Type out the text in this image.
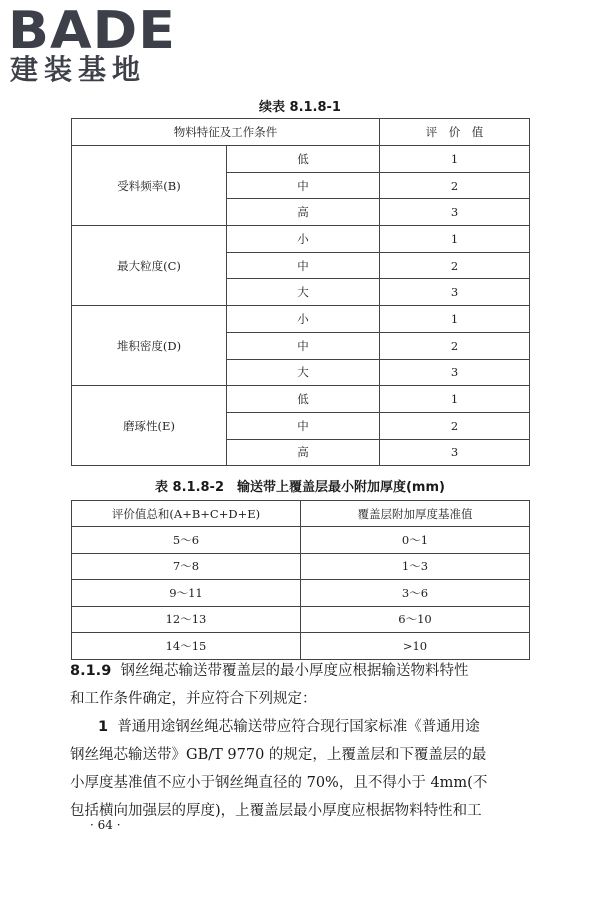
BADE
建装基地
续表 8.1.8-1
物料特征及工作条件		评　价　值
受料频率(B)	低	1
	中	2
	高	3
最大粒度(C)	小	1
	中	2
	大	3
堆积密度(D)	小	1
	中	2
	大	3
磨琢性(E)	低	1
	中	2
	高	3
表 8.1.8-2　输送带上覆盖层最小附加厚度(mm)
评价值总和(A+B+C+D+E)	覆盖层附加厚度基准值
5～6	0～1
7～8	1～3
9～11	3～6
12～13	6～10
14～15	>10

8.1.9 钢丝绳芯输送带覆盖层的最小厚度应根据输送物料特性

和工作条件确定，并应符合下列规定：

1 普通用途钢丝绳芯输送带应符合现行国家标准《普通用途

钢丝绳芯输送带》GB/T 9770 的规定，上覆盖层和下覆盖层的最

小厚度基准值不应小于钢丝绳直径的 70%，且不得小于 4mm(不

包括横向加强层的厚度)，上覆盖层最小厚度应根据物料特性和工

· 64 ·
